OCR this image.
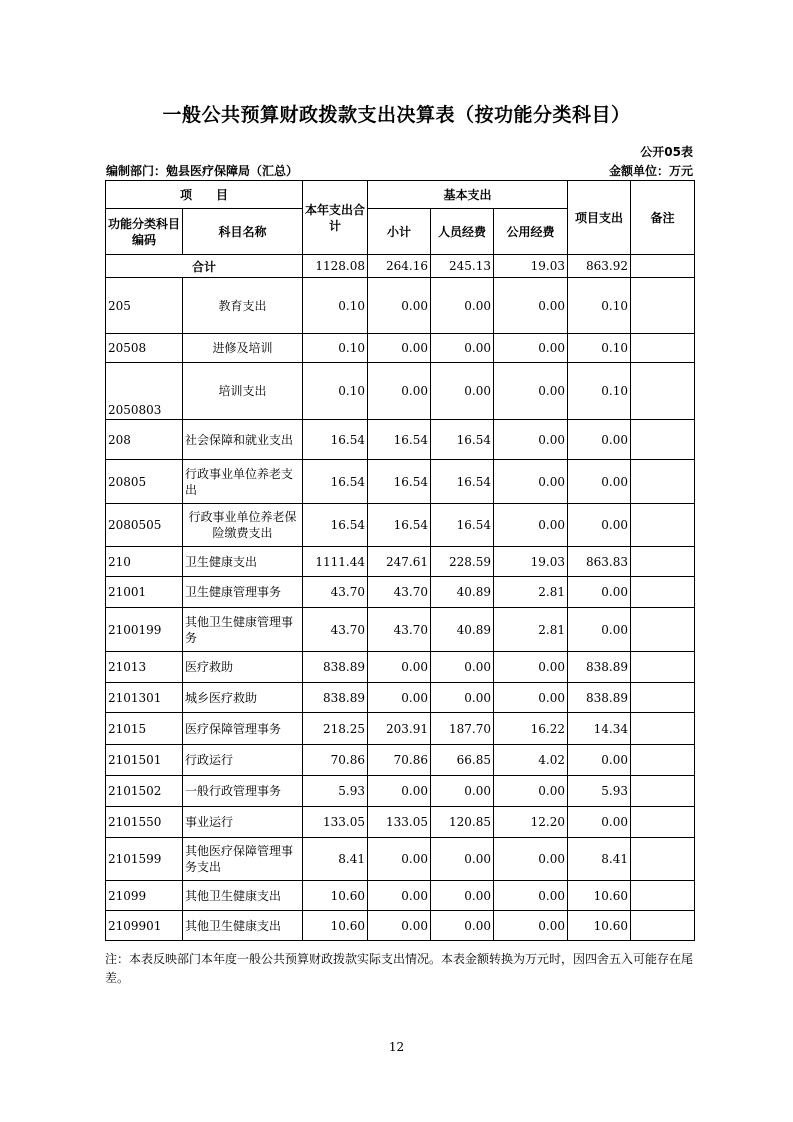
一般公共预算财政拨款支出决算表（按功能分类科目）
公开05表
编制部门：勉县医疗保障局（汇总）	金额单位：万元
项　　目		本年支出合计	基本支出			项目支出	备注
功能分类科目编码	科目名称		小计	人员经费	公用经费		
合计		1128.08	264.16	245.13	19.03	863.92	
205	教育支出	0.10	0.00	0.00	0.00	0.10	
20508	进修及培训	0.10	0.00	0.00	0.00	0.10	
2050803	培训支出	0.10	0.00	0.00	0.00	0.10	
208	社会保障和就业支出	16.54	16.54	16.54	0.00	0.00	
20805	行政事业单位养老支出	16.54	16.54	16.54	0.00	0.00	
2080505	行政事业单位养老保险缴费支出	16.54	16.54	16.54	0.00	0.00	
210	卫生健康支出	1111.44	247.61	228.59	19.03	863.83	
21001	卫生健康管理事务	43.70	43.70	40.89	2.81	0.00	
2100199	其他卫生健康管理事务	43.70	43.70	40.89	2.81	0.00	
21013	医疗救助	838.89	0.00	0.00	0.00	838.89	
2101301	城乡医疗救助	838.89	0.00	0.00	0.00	838.89	
21015	医疗保障管理事务	218.25	203.91	187.70	16.22	14.34	
2101501	行政运行	70.86	70.86	66.85	4.02	0.00	
2101502	一般行政管理事务	5.93	0.00	0.00	0.00	5.93	
2101550	事业运行	133.05	133.05	120.85	12.20	0.00	
2101599	其他医疗保障管理事务支出	8.41	0.00	0.00	0.00	8.41	
21099	其他卫生健康支出	10.60	0.00	0.00	0.00	10.60	
2109901	其他卫生健康支出	10.60	0.00	0.00	0.00	10.60	
注：本表反映部门本年度一般公共预算财政拨款实际支出情况。本表金额转换为万元时，因四舍五入可能存在尾差。
12
